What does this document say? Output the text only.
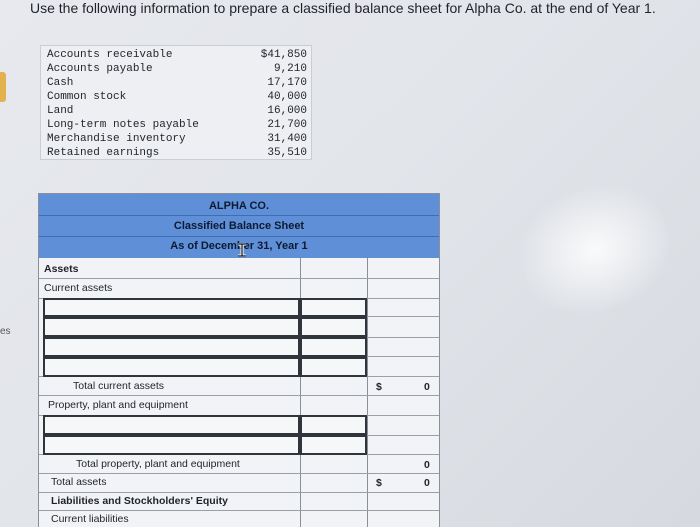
es
Use the following information to prepare a classified balance sheet for Alpha Co. at the end of Year 1.
Accounts receivable	$41,850
Accounts payable	9,210
Cash	17,170
Common stock	40,000
Land	16,000
Long-term notes payable	21,700
Merchandise inventory	31,400
Retained earnings	35,510
ALPHA CO.
Classified Balance Sheet
As of December 31, Year 1
Assets
Current assets
Total current assets	$	0
Property, plant and equipment
Total property, plant and equipment	0
Total assets	$	0
Liabilities and Stockholders' Equity
Current liabilities
